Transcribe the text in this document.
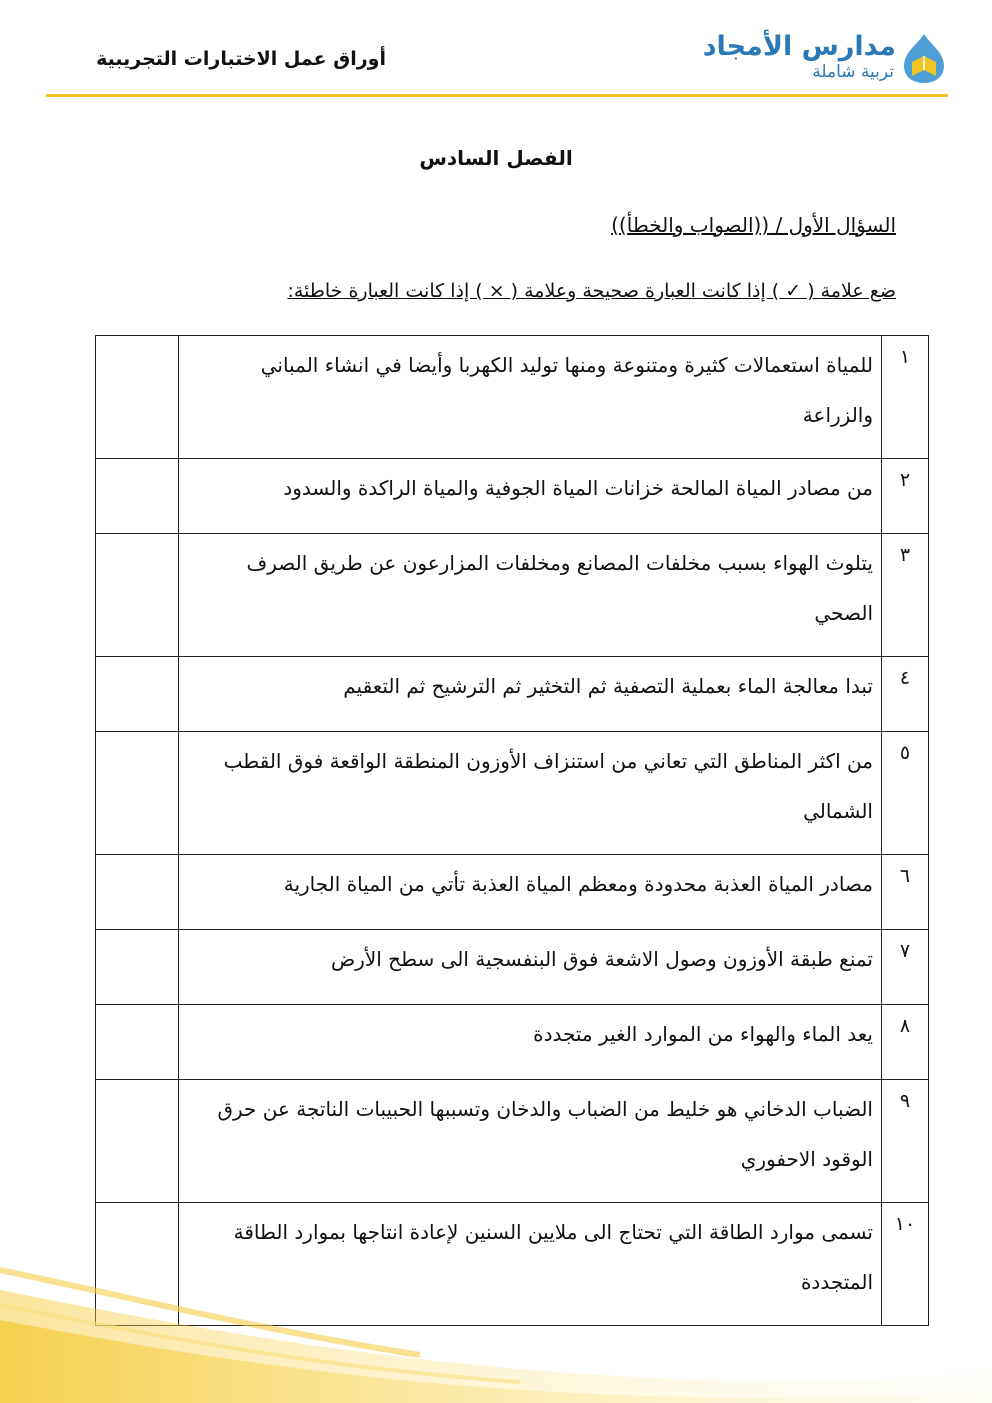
مدارس الأمجاد
تربية شاملة
أوراق عمل الاختبارات التجريبية
الفصل السادس
السؤال الأول / ((الصواب والخطأ))
ضع علامة ( ✓ ) إذا كانت العبارة صحيحة وعلامة ( × ) إذا كانت العبارة خاطئة:
١	للمياة استعمالات كثيرة ومتنوعة ومنها توليد الكهربا وأيضا في انشاء المباني والزراعة	
٢	من مصادر المياة المالحة خزانات المياة الجوفية والمياة الراكدة والسدود	
٣	يتلوث الهواء بسبب مخلفات المصانع ومخلفات المزارعون عن طريق الصرف الصحي	
٤	تبدا معالجة الماء بعملية التصفية ثم التخثير ثم الترشيح ثم التعقيم	
٥	من اكثر المناطق التي تعاني من استنزاف الأوزون المنطقة الواقعة فوق القطب الشمالي	
٦	مصادر المياة العذبة محدودة ومعظم المياة العذبة تأتي من المياة الجارية	
٧	تمنع طبقة الأوزون وصول الاشعة فوق البنفسجية الى سطح الأرض	
٨	يعد الماء والهواء من الموارد الغير متجددة	
٩	الضباب الدخاني هو خليط من الضباب والدخان وتسببها الحبيبات الناتجة عن حرق الوقود الاحفوري	
١٠	تسمى موارد الطاقة التي تحتاج الى ملايين السنين لإعادة انتاجها بموارد الطاقة المتجددة	
